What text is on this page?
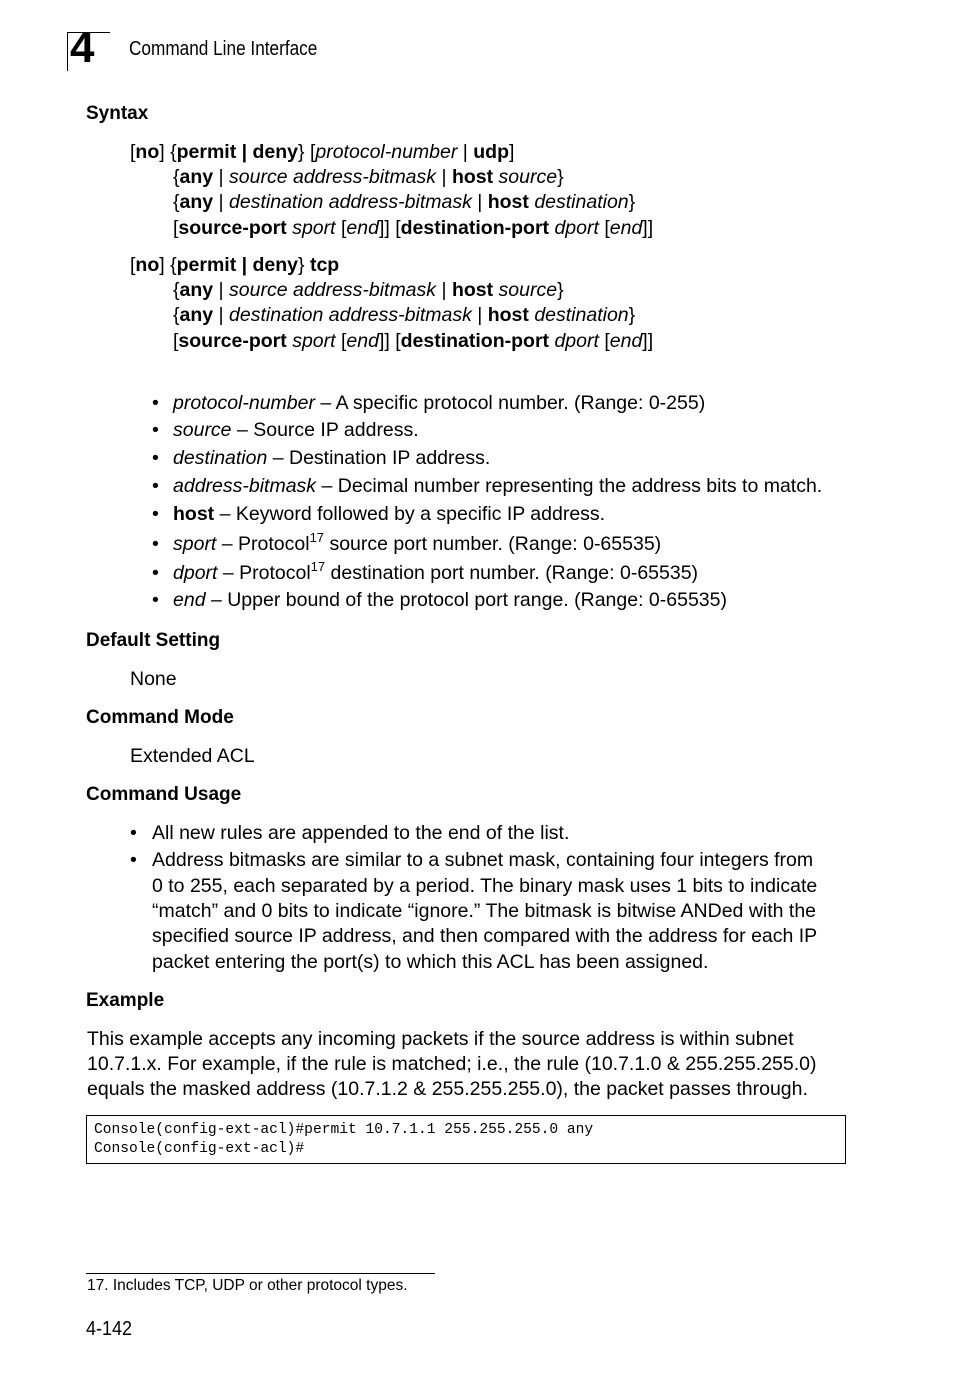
4 Command Line Interface
Syntax
[no] {permit | deny} [protocol-number | udp]
{any | source address-bitmask | host source}
{any | destination address-bitmask | host destination}
[source-port sport [end]] [destination-port dport [end]]
[no] {permit | deny} tcp
{any | source address-bitmask | host source}
{any | destination address-bitmask | host destination}
[source-port sport [end]] [destination-port dport [end]]
• protocol-number – A specific protocol number. (Range: 0-255)
• source – Source IP address.
• destination – Destination IP address.
• address-bitmask – Decimal number representing the address bits to match.
• host – Keyword followed by a specific IP address.
• sport – Protocol$^{17}$ source port number. (Range: 0-65535)
• dport – Protocol$^{17}$ destination port number. (Range: 0-65535)
• end – Upper bound of the protocol port range. (Range: 0-65535)
Default Setting
None
Command Mode
Extended ACL
Command Usage
• All new rules are appended to the end of the list.
• Address bitmasks are similar to a subnet mask, containing four integers from
0 to 255, each separated by a period. The binary mask uses 1 bits to indicate
“match” and 0 bits to indicate “ignore.” The bitmask is bitwise ANDed with the
specified source IP address, and then compared with the address for each IP
packet entering the port(s) to which this ACL has been assigned.
Example
This example accepts any incoming packets if the source address is within subnet 10.7.1.x. For example, if the rule is matched; i.e., the rule (10.7.1.0 & 255.255.255.0) equals the masked address (10.7.1.2 & 255.255.255.0), the packet passes through.
Console(config-ext-acl)#permit 10.7.1.1 255.255.255.0 any
Console(config-ext-acl)#
17. Includes TCP, UDP or other protocol types.
4-142
